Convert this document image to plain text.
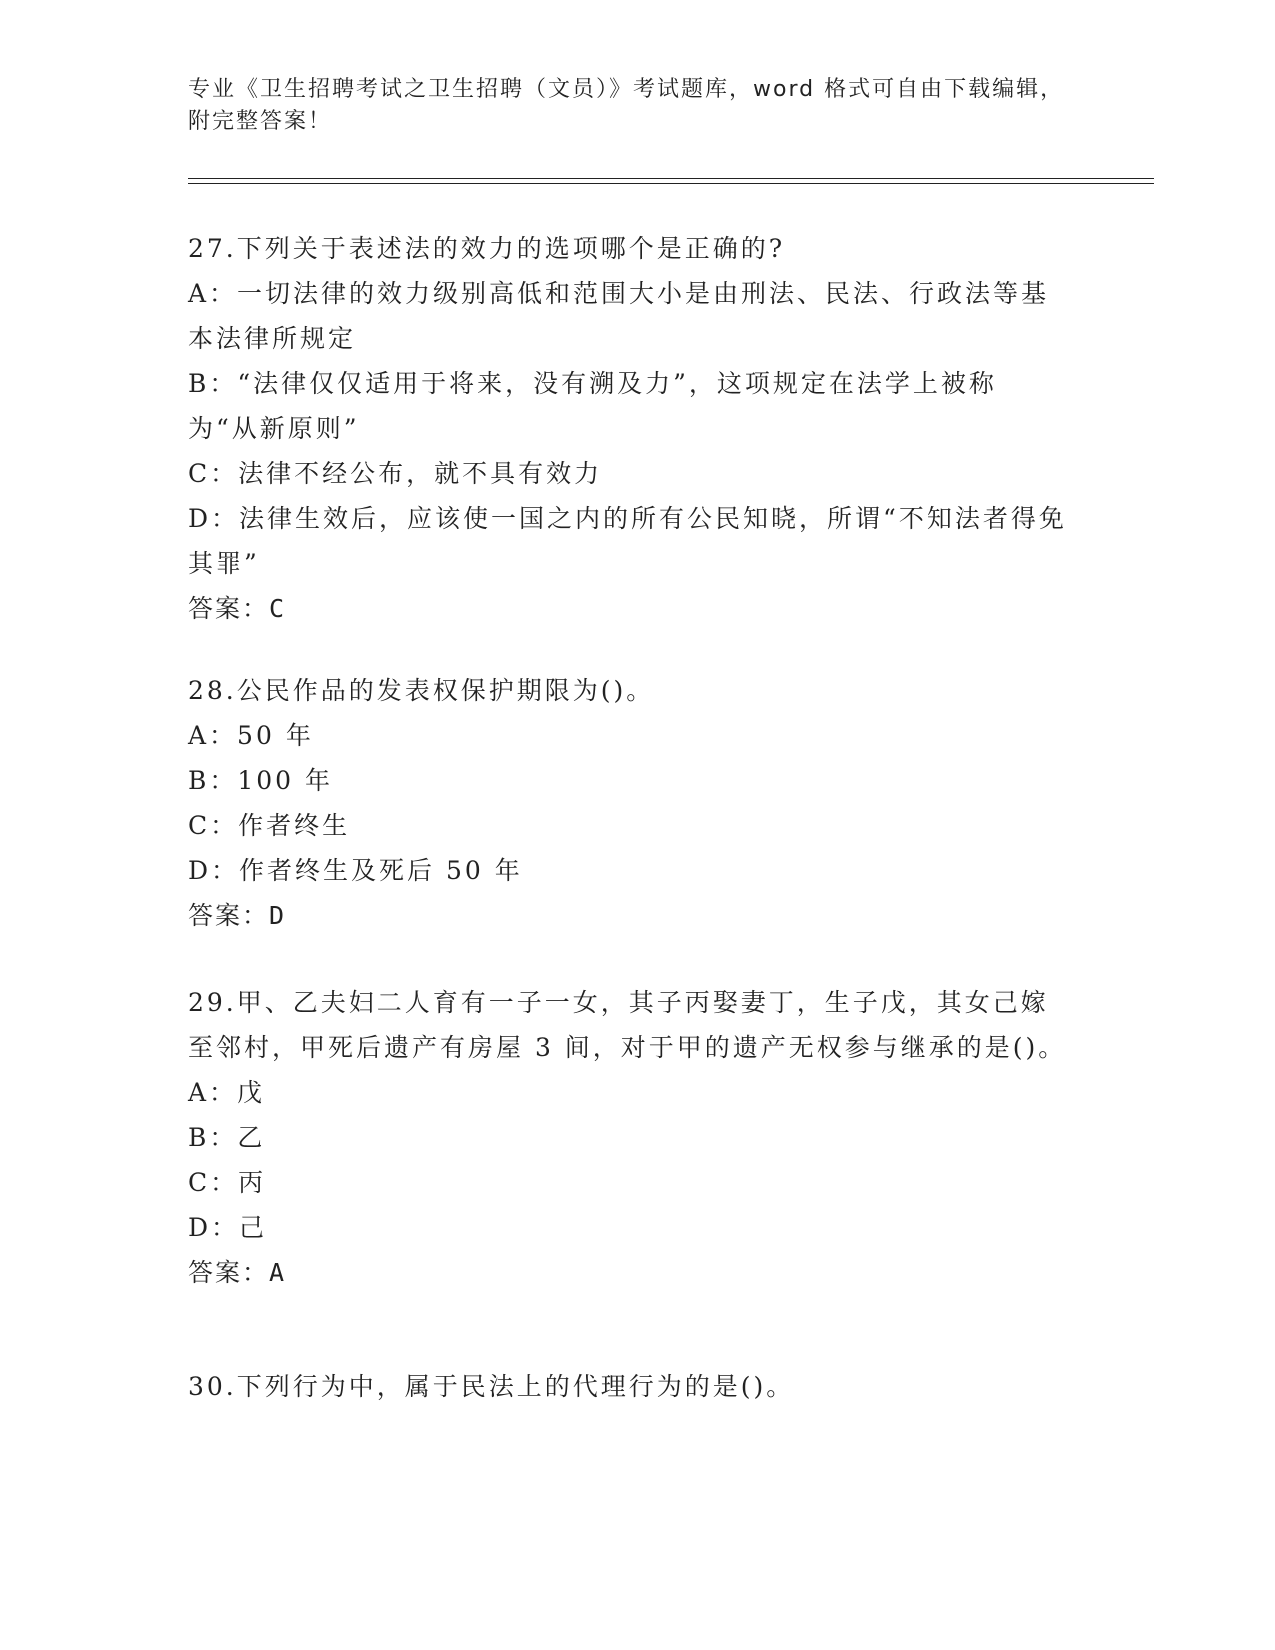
专业《卫生招聘考试之卫生招聘（文员）》考试题库，word 格式可自由下载编辑，附完整答案！
27.下列关于表述法的效力的选项哪个是正确的?
A：一切法律的效力级别高低和范围大小是由刑法、民法、行政法等基本法律所规定
B：“法律仅仅适用于将来，没有溯及力”，这项规定在法学上被称为“从新原则”
C：法律不经公布，就不具有效力
D：法律生效后，应该使一国之内的所有公民知晓，所谓“不知法者得免其罪”
答案：C
28.公民作品的发表权保护期限为()。
A：50 年
B：100 年
C：作者终生
D：作者终生及死后 50 年
答案：D
29.甲、乙夫妇二人育有一子一女，其子丙娶妻丁，生子戊，其女己嫁至邻村，甲死后遗产有房屋 3 间，对于甲的遗产无权参与继承的是()。
A：戊
B：乙
C：丙
D：己
答案：A
30.下列行为中，属于民法上的代理行为的是()。
